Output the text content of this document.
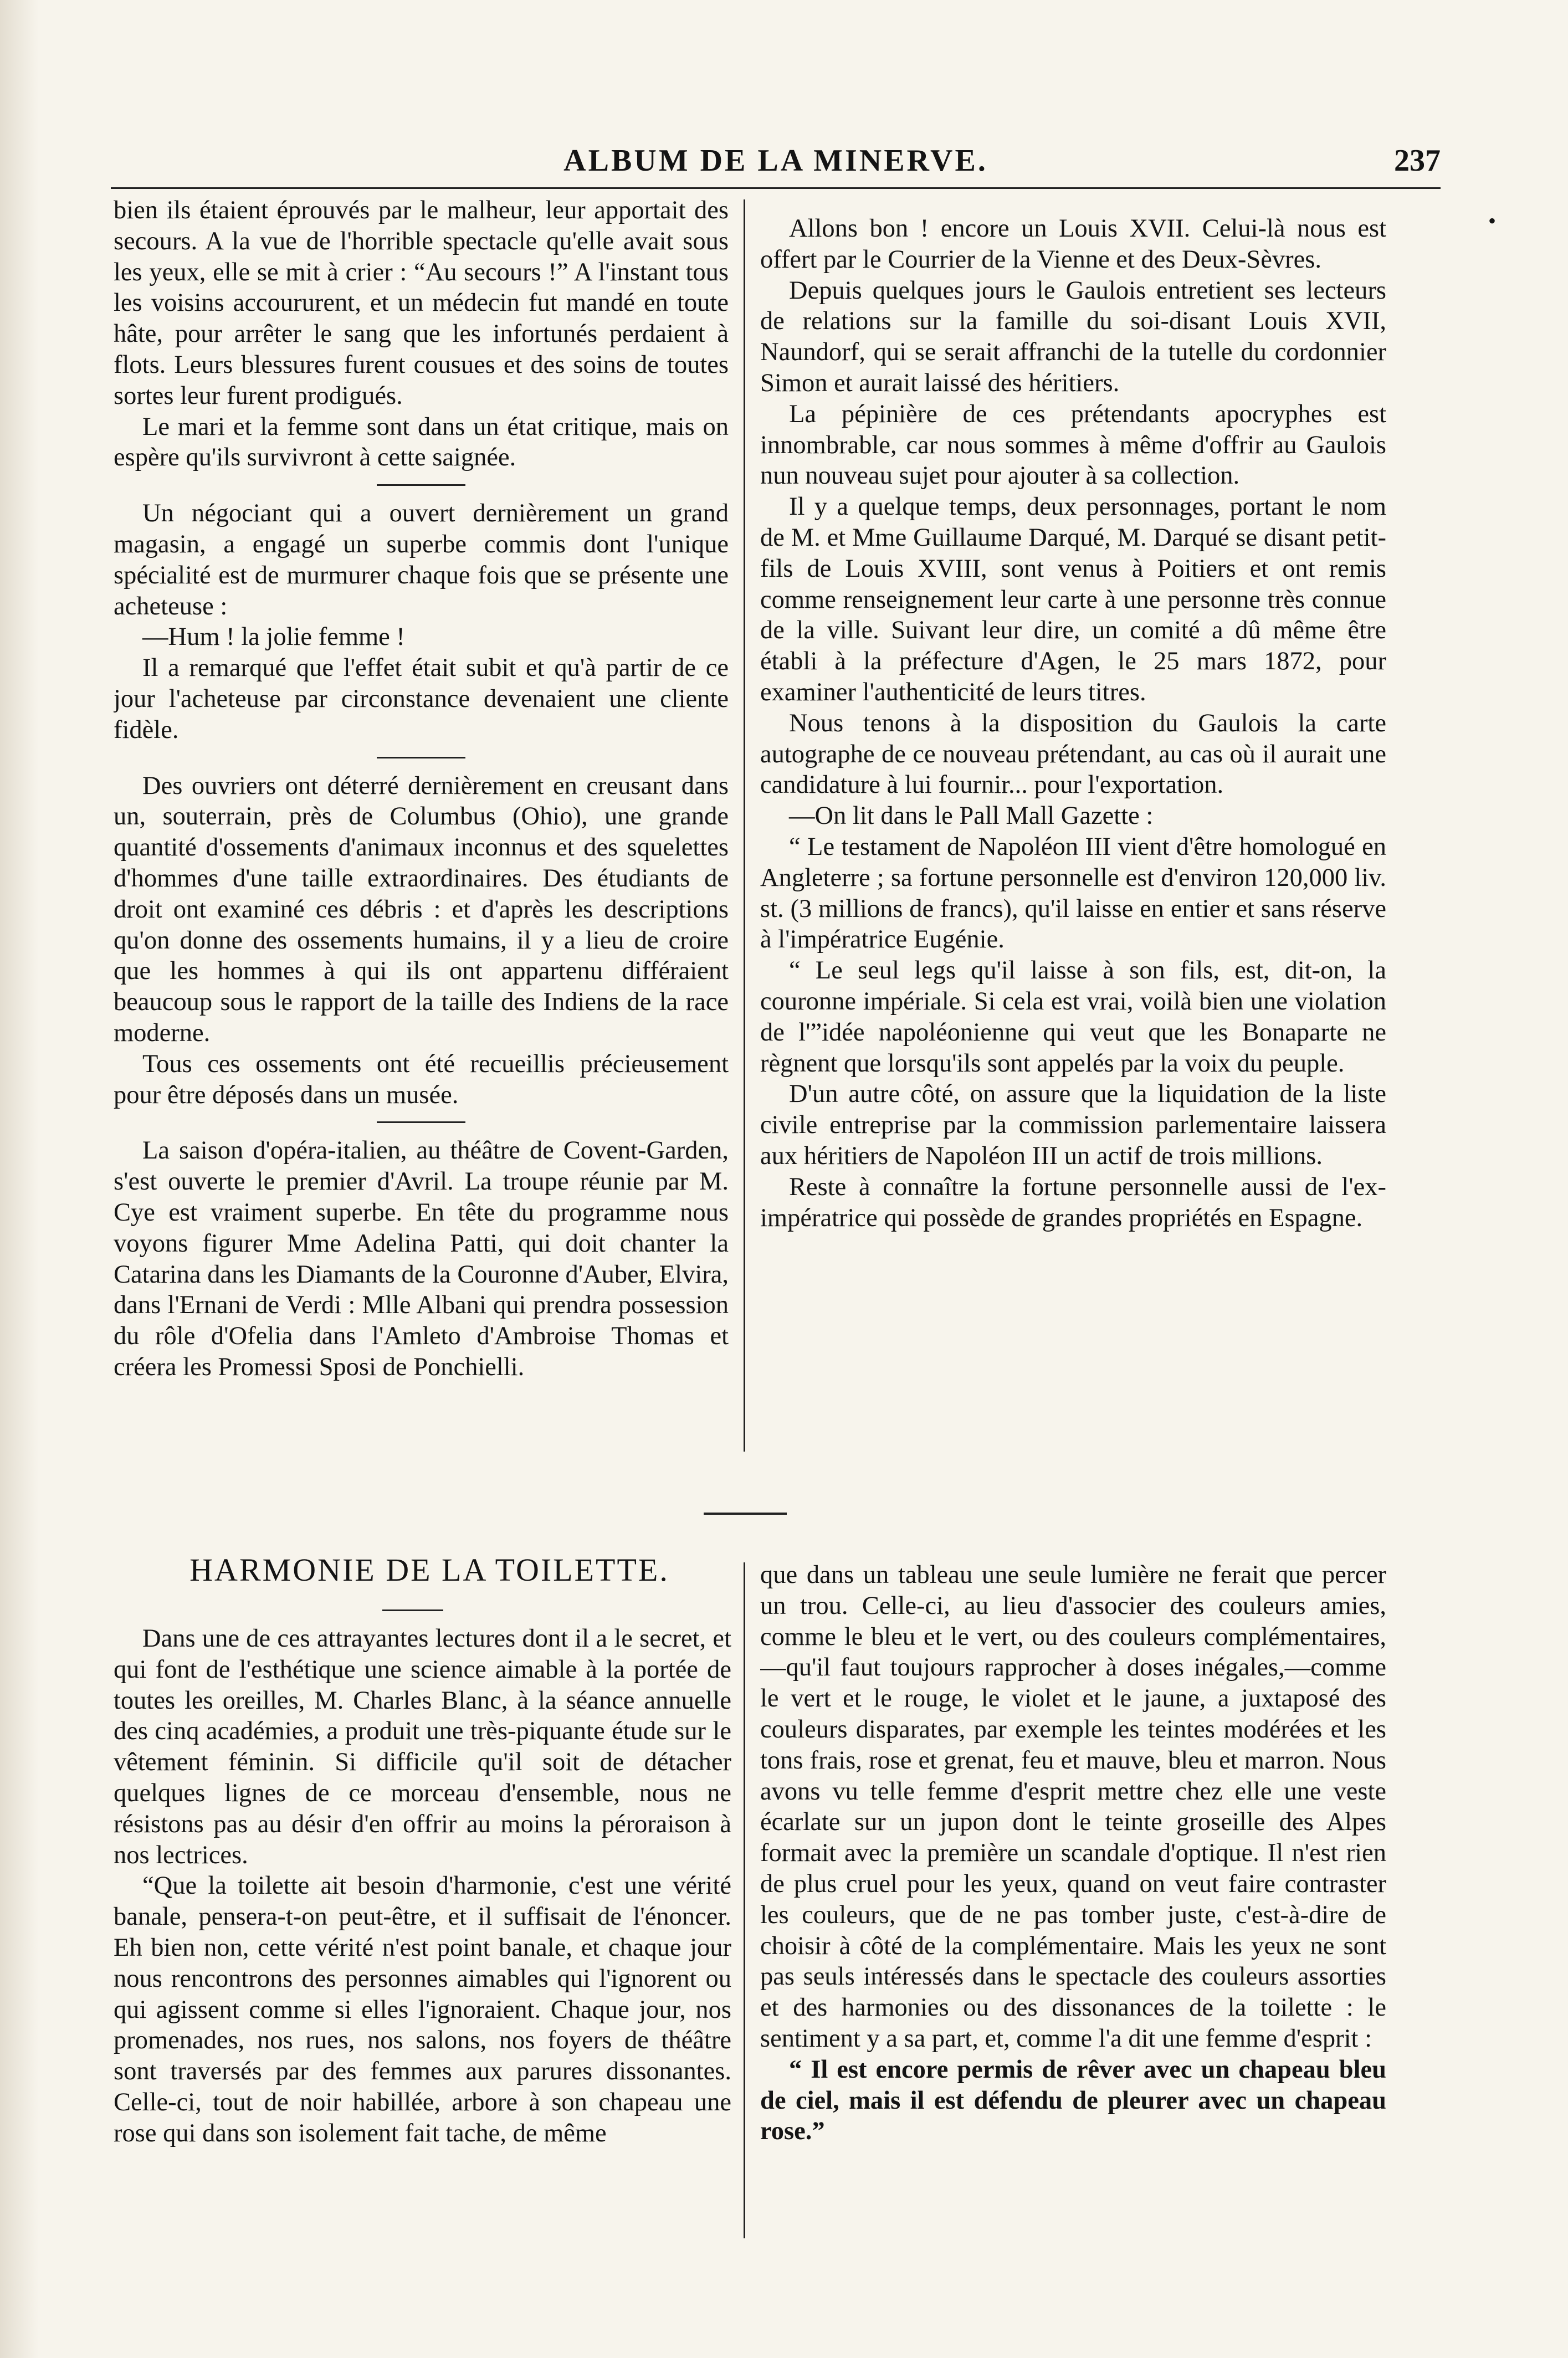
ALBUM DE LA MINERVE.	237
•

bien ils étaient éprouvés par le malheur, leur apportait des secours. A la vue de l'horrible spectacle qu'elle avait sous les yeux, elle se mit à crier : “Au secours !” A l'instant tous les voisins accoururent, et un médecin fut mandé en toute hâte, pour arrêter le sang que les infortunés perdaient à flots. Leurs blessures furent cousues et des soins de toutes sortes leur furent prodigués.

Le mari et la femme sont dans un état critique, mais on espère qu'ils survivront à cette saignée.

Un négociant qui a ouvert dernièrement un grand magasin, a engagé un superbe commis dont l'unique spécialité est de murmurer chaque fois que se présente une acheteuse :

—Hum ! la jolie femme !

Il a remarqué que l'effet était subit et qu'à partir de ce jour l'acheteuse par circonstance devenaient une cliente fidèle.

Des ouvriers ont déterré dernièrement en creusant dans un, souterrain, près de Columbus (Ohio), une grande quantité d'ossements d'animaux inconnus et des squelettes d'hommes d'une taille extraordinaires. Des étudiants de droit ont examiné ces débris : et d'après les descriptions qu'on donne des ossements humains, il y a lieu de croire que les hommes à qui ils ont appartenu différaient beaucoup sous le rapport de la taille des Indiens de la race moderne.

Tous ces ossements ont été recueillis précieusement pour être déposés dans un musée.

La saison d'opéra-italien, au théâtre de Covent-Garden, s'est ouverte le premier d'Avril. La troupe réunie par M. Cye est vraiment superbe. En tête du programme nous voyons figurer Mme Adelina Patti, qui doit chanter la Catarina dans les Diamants de la Couronne d'Auber, Elvira, dans l'Ernani de Verdi : Mlle Albani qui prendra possession du rôle d'Ofelia dans l'Amleto d'Ambroise Thomas et créera les Promessi Sposi de Ponchielli.

Allons bon ! encore un Louis XVII. Celui-là nous est offert par le Courrier de la Vienne et des Deux-Sèvres.

Depuis quelques jours le Gaulois entretient ses lecteurs de relations sur la famille du soi-disant Louis XVII, Naundorf, qui se serait affranchi de la tutelle du cordonnier Simon et aurait laissé des héritiers.

La pépinière de ces prétendants apocryphes est innombrable, car nous sommes à même d'offrir au Gaulois nun nouveau sujet pour ajouter à sa collection.

Il y a quelque temps, deux personnages, portant le nom de M. et Mme Guillaume Darqué, M. Darqué se disant petit-fils de Louis XVIII, sont venus à Poitiers et ont remis comme renseignement leur carte à une personne très connue de la ville. Suivant leur dire, un comité a dû même être établi à la préfecture d'Agen, le 25 mars 1872, pour examiner l'authenticité de leurs titres.

Nous tenons à la disposition du Gaulois la carte autographe de ce nouveau prétendant, au cas où il aurait une candidature à lui fournir... pour l'exportation.

—On lit dans le Pall Mall Gazette :

“ Le testament de Napoléon III vient d'être homologué en Angleterre ; sa fortune personnelle est d'environ 120,000 liv. st. (3 millions de francs), qu'il laisse en entier et sans réserve à l'impératrice Eugénie.

“ Le seul legs qu'il laisse à son fils, est, dit-on, la couronne impériale. Si cela est vrai, voilà bien une violation de l'”idée napoléonienne qui veut que les Bonaparte ne règnent que lorsqu'ils sont appelés par la voix du peuple.

D'un autre côté, on assure que la liquidation de la liste civile entreprise par la commission parlementaire laissera aux héritiers de Napoléon III un actif de trois millions.

Reste à connaître la fortune personnelle aussi de l'ex-impératrice qui possède de grandes propriétés en Espagne.

HARMONIE DE LA TOILETTE.

Dans une de ces attrayantes lectures dont il a le secret, et qui font de l'esthétique une science aimable à la portée de toutes les oreilles, M. Charles Blanc, à la séance annuelle des cinq académies, a produit une très-piquante étude sur le vêtement féminin. Si difficile qu'il soit de détacher quelques lignes de ce morceau d'ensemble, nous ne résistons pas au désir d'en offrir au moins la péroraison à nos lectrices.

“Que la toilette ait besoin d'harmonie, c'est une vérité banale, pensera-t-on peut-être, et il suffisait de l'énoncer. Eh bien non, cette vérité n'est point banale, et chaque jour nous rencontrons des personnes aimables qui l'ignorent ou qui agissent comme si elles l'ignoraient. Chaque jour, nos promenades, nos rues, nos salons, nos foyers de théâtre sont traversés par des femmes aux parures dissonantes. Celle-ci, tout de noir habillée, arbore à son chapeau une rose qui dans son isolement fait tache, de même

que dans un tableau une seule lumière ne ferait que percer un trou. Celle-ci, au lieu d'associer des couleurs amies, comme le bleu et le vert, ou des couleurs complémentaires,—qu'il faut toujours rapprocher à doses inégales,—comme le vert et le rouge, le violet et le jaune, a juxtaposé des couleurs disparates, par exemple les teintes modérées et les tons frais, rose et grenat, feu et mauve, bleu et marron. Nous avons vu telle femme d'esprit mettre chez elle une veste écarlate sur un jupon dont le teinte groseille des Alpes formait avec la première un scandale d'optique. Il n'est rien de plus cruel pour les yeux, quand on veut faire contraster les couleurs, que de ne pas tomber juste, c'est-à-dire de choisir à côté de la complémentaire. Mais les yeux ne sont pas seuls intéressés dans le spectacle des couleurs assorties et des harmonies ou des dissonances de la toilette : le sentiment y a sa part, et, comme l'a dit une femme d'esprit :

“ Il est encore permis de rêver avec un chapeau bleu de ciel, mais il est défendu de pleurer avec un chapeau rose.”
